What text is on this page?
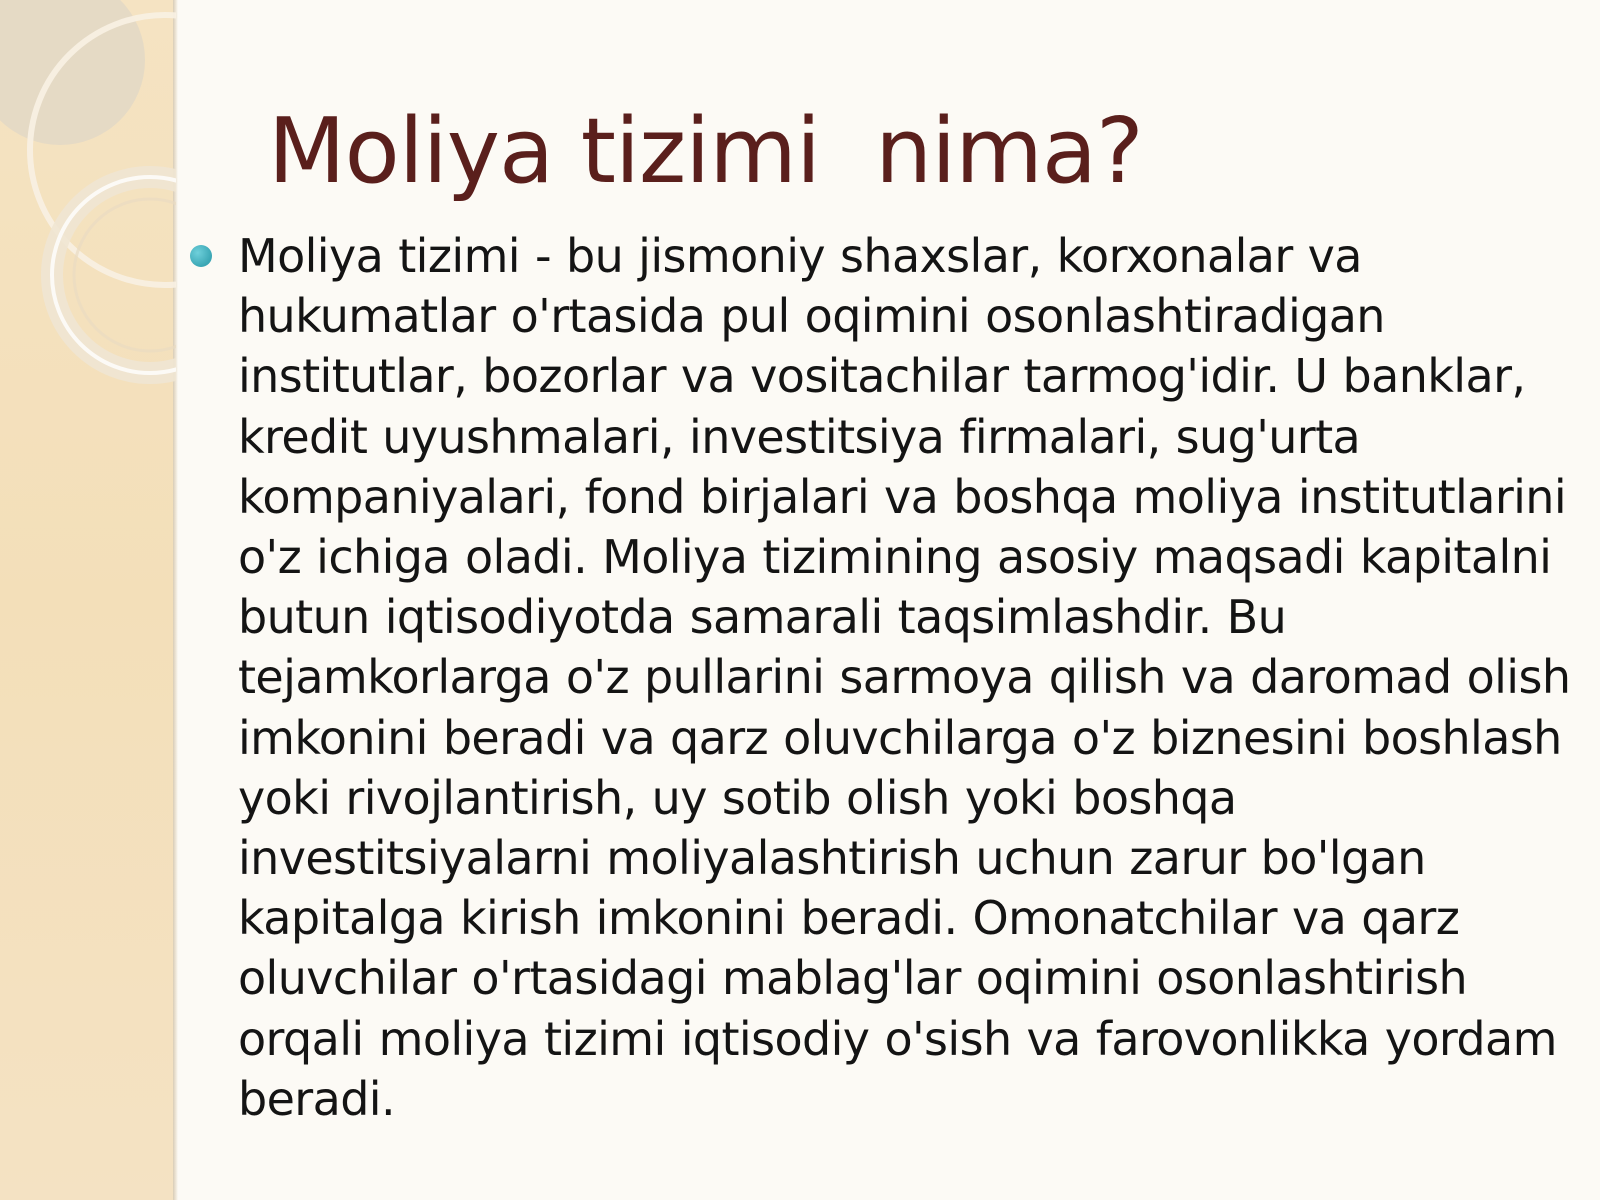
Moliya tizimi  nima?
Moliya tizimi - bu jismoniy shaxslar, korxonalar va hukumatlar o'rtasida pul oqimini osonlashtiradigan institutlar, bozorlar va vositachilar tarmog'idir. U banklar, kredit uyushmalari, investitsiya firmalari, sug'urta kompaniyalari, fond birjalari va boshqa moliya institutlarini o'z ichiga oladi. Moliya tizimining asosiy maqsadi kapitalni butun iqtisodiyotda samarali taqsimlashdir. Bu tejamkorlarga o'z pullarini sarmoya qilish va daromad olish imkonini beradi va qarz oluvchilarga o'z biznesini boshlash yoki rivojlantirish, uy sotib olish yoki boshqa investitsiyalarni moliyalashtirish uchun zarur bo'lgan kapitalga kirish imkonini beradi. Omonatchilar va qarz oluvchilar o'rtasidagi mablag'lar oqimini osonlashtirish orqali moliya tizimi iqtisodiy o'sish va farovonlikka yordam beradi.
